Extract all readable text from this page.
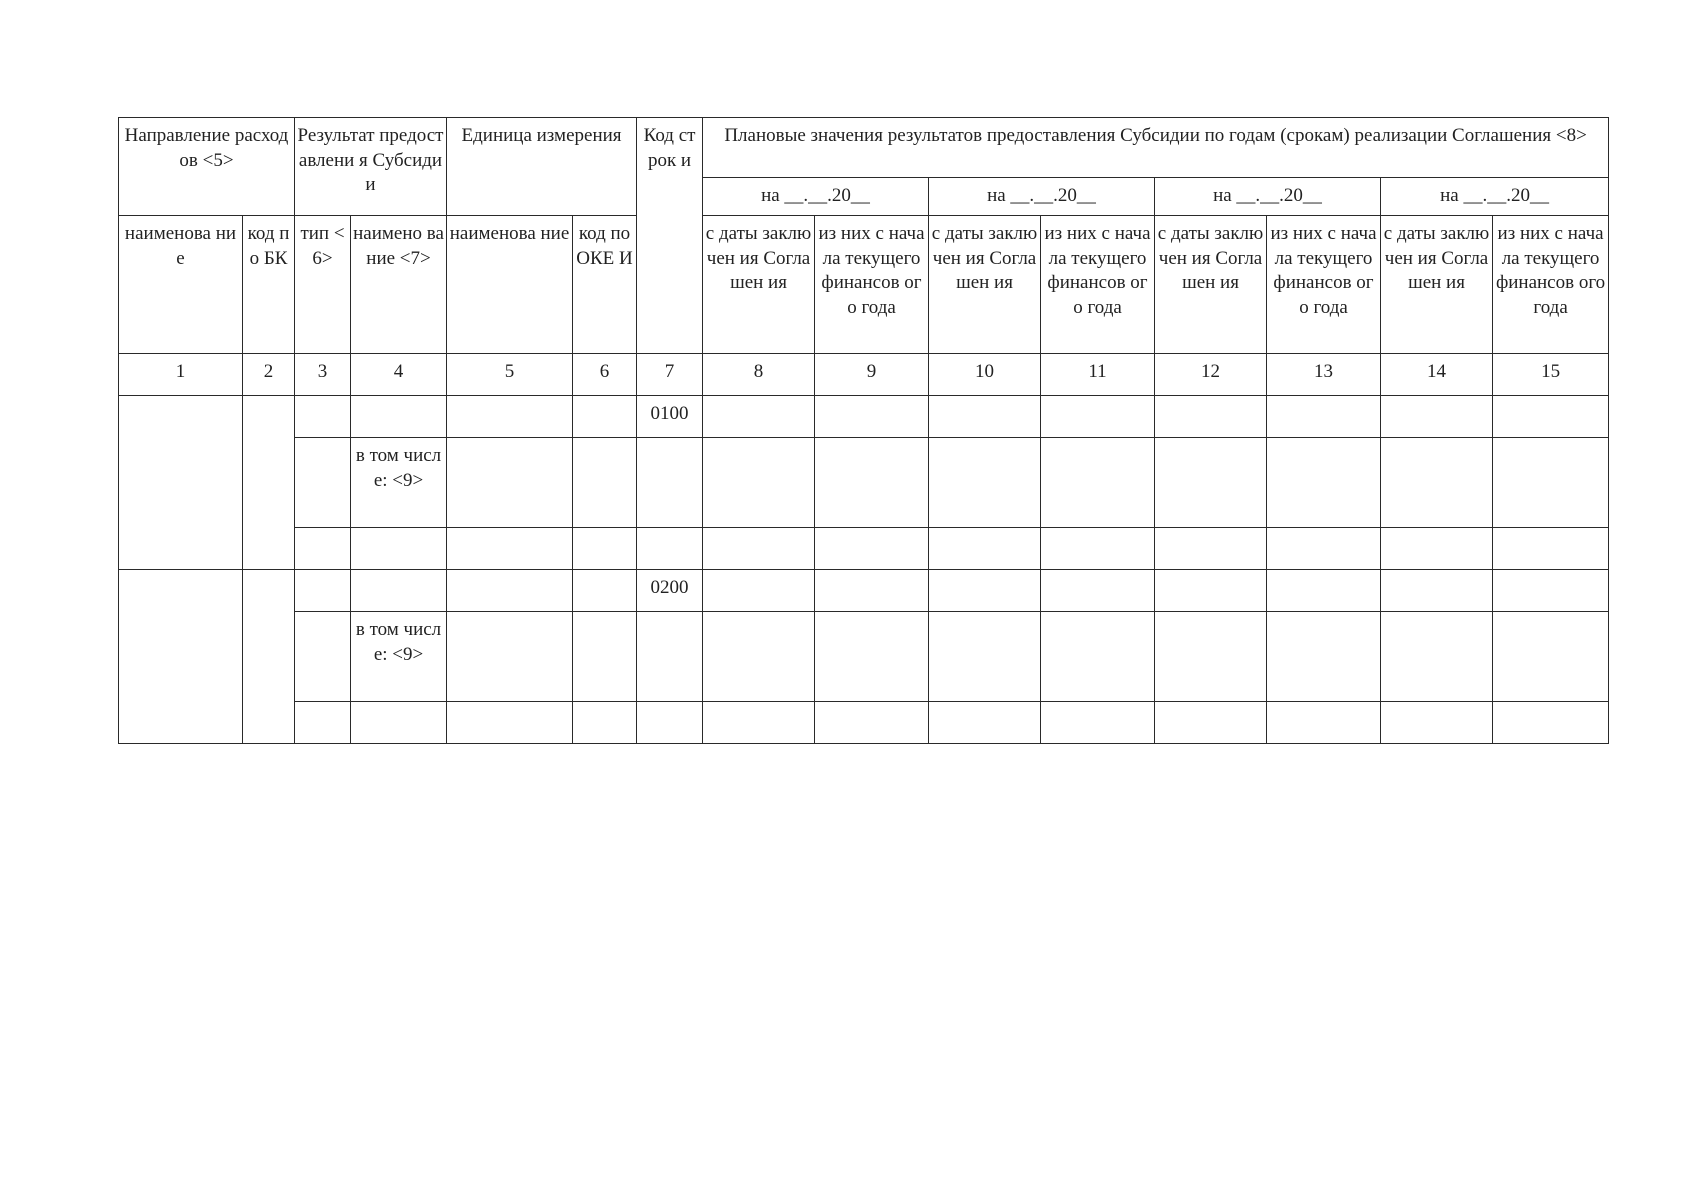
Направление расходов <5>		Результат предоставлени я Субсидии		Единица измерения		Код строк и	Плановые значения результатов предоставления Субсидии по годам (срокам) реализации Соглашения <8>							
							на __.__.20__		на __.__.20__		на __.__.20__		на __.__.20__	
наименова ние	код по БК	тип <6>	наимено вание <7>	наименова ние	код по ОКЕ И		с даты заключен ия Соглашен ия	из них с начала текущего финансов ого года	с даты заключен ия Соглашен ия	из них с начала текущего финансов ого года	с даты заключен ия Соглашен ия	из них с начала текущего финансов ого года	с даты заключен ия Соглашен ия	из них с начала текущего финансов ого года
1	2	3	4	5	6	7	8	9	10	11	12	13	14	15
						0100								
			в том числе: <9>											

						0200								
			в том числе: <9>											
